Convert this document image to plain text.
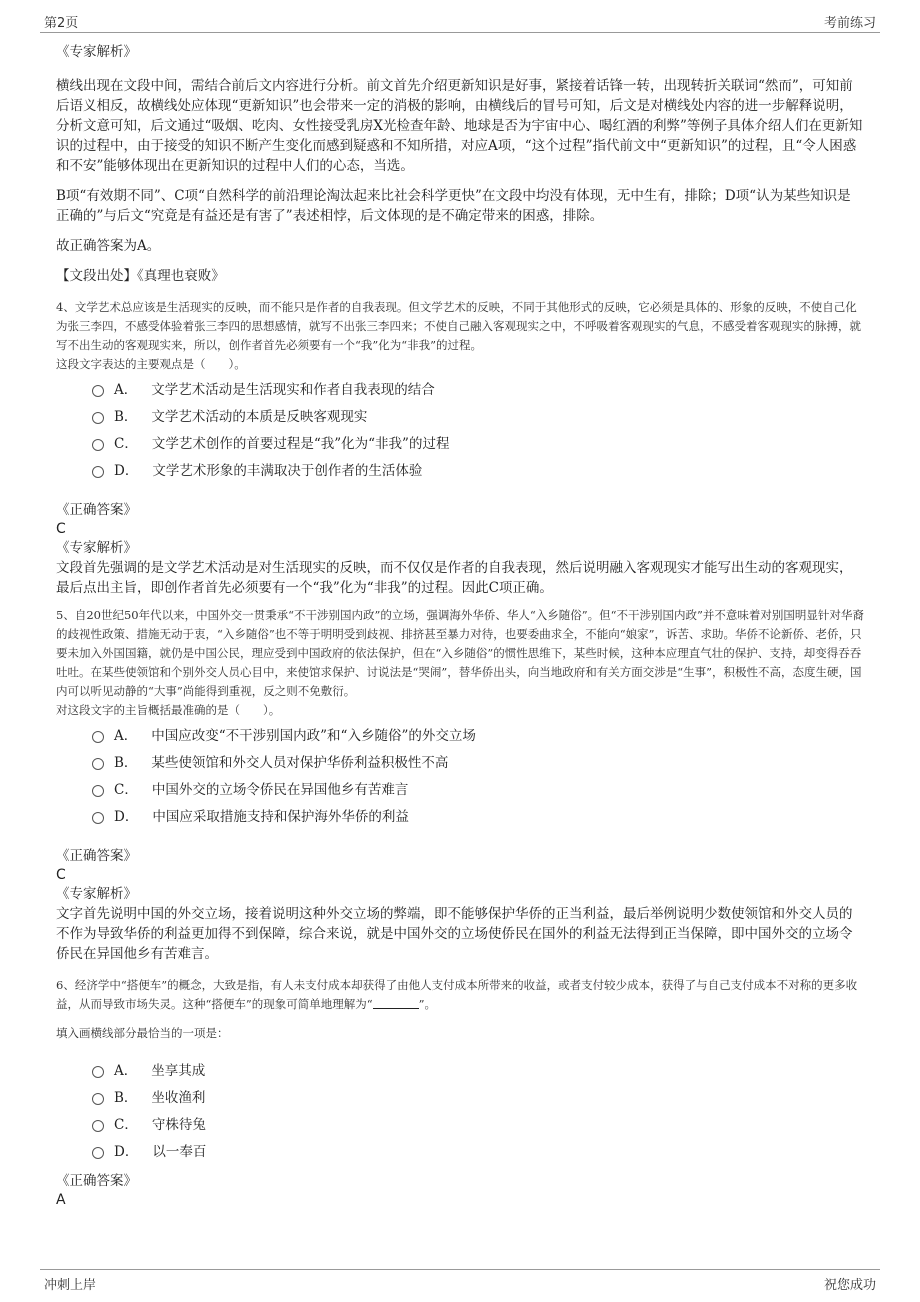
第2页	考前练习

《专家解析》

横线出现在文段中间，需结合前后文内容进行分析。前文首先介绍更新知识是好事，紧接着话锋一转，出现转折关联词“然而”，可知前后语义相反，故横线处应体现“更新知识”也会带来一定的消极的影响，由横线后的冒号可知，后文是对横线处内容的进一步解释说明，分析文意可知，后文通过“吸烟、吃肉、女性接受乳房X光检查年龄、地球是否为宇宙中心、喝红酒的利弊”等例子具体介绍人们在更新知识的过程中，由于接受的知识不断产生变化而感到疑惑和不知所措，对应A项，“这个过程”指代前文中“更新知识”的过程，且“令人困惑和不安”能够体现出在更新知识的过程中人们的心态，当选。

B项“有效期不同”、C项“自然科学的前沿理论淘汰起来比社会科学更快”在文段中均没有体现，无中生有，排除；D项“认为某些知识是正确的”与后文“究竟是有益还是有害了”表述相悖，后文体现的是不确定带来的困惑，排除。

故正确答案为A。

【文段出处】《真理也衰败》

4、文学艺术总应该是生活现实的反映，而不能只是作者的自我表现。但文学艺术的反映，不同于其他形式的反映，它必须是具体的、形象的反映，不使自己化为张三李四，不感受体验着张三李四的思想感情，就写不出张三李四来；不使自己融入客观现实之中，不呼吸着客观现实的气息，不感受着客观现实的脉搏，就写不出生动的客观现实来，所以，创作者首先必须要有一个“我”化为“非我”的过程。

这段文字表达的主要观点是（　　）。

A． 文学艺术活动是生活现实和作者自我表现的结合
B． 文学艺术活动的本质是反映客观现实
C． 文学艺术创作的首要过程是“我”化为“非我”的过程
D． 文学艺术形象的丰满取决于创作者的生活体验

《正确答案》

C

《专家解析》

文段首先强调的是文学艺术活动是对生活现实的反映，而不仅仅是作者的自我表现，然后说明融入客观现实才能写出生动的客观现实，最后点出主旨，即创作者首先必须要有一个“我”化为“非我”的过程。因此C项正确。

5、自20世纪50年代以来，中国外交一贯秉承“不干涉别国内政”的立场，强调海外华侨、华人“入乡随俗”。但“不干涉别国内政”并不意味着对别国明显针对华裔的歧视性政策、措施无动于衷，“入乡随俗”也不等于明明受到歧视、排挤甚至暴力对待，也要委曲求全，不能向“娘家”，诉苦、求助。华侨不论新侨、老侨，只要未加入外国国籍，就仍是中国公民，理应受到中国政府的依法保护，但在“入乡随俗”的惯性思维下，某些时候，这种本应理直气壮的保护、支持，却变得吞吞吐吐。在某些使领馆和个别外交人员心目中，来使馆求保护、讨说法是“哭闹”，替华侨出头，向当地政府和有关方面交涉是“生事”，积极性不高，态度生硬，国内可以听见动静的“大事”尚能得到重视，反之则不免敷衍。

对这段文字的主旨概括最准确的是（　　）。

A． 中国应改变“不干涉别国内政”和“入乡随俗”的外交立场
B． 某些使领馆和外交人员对保护华侨利益积极性不高
C． 中国外交的立场令侨民在异国他乡有苦难言
D． 中国应采取措施支持和保护海外华侨的利益

《正确答案》

C

《专家解析》

文字首先说明中国的外交立场，接着说明这种外交立场的弊端，即不能够保护华侨的正当利益，最后举例说明少数使领馆和外交人员的不作为导致华侨的利益更加得不到保障，综合来说，就是中国外交的立场使侨民在国外的利益无法得到正当保障，即中国外交的立场令侨民在异国他乡有苦难言。

6、经济学中“搭便车”的概念，大致是指，有人未支付成本却获得了由他人支付成本所带来的收益，或者支付较少成本，获得了与自己支付成本不对称的更多收益，从而导致市场失灵。这种“搭便车”的现象可简单地理解为“	”。

填入画横线部分最恰当的一项是：

A． 坐享其成
B． 坐收渔利
C． 守株待兔
D． 以一奉百

《正确答案》

A

冲刺上岸	祝您成功
